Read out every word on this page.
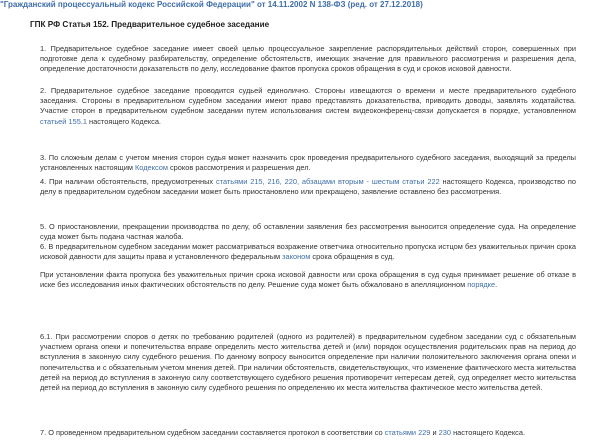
"Гражданский процессуальный кодекс Российской Федерации" от 14.11.2002 N 138-ФЗ (ред. от 27.12.2018)
ГПК РФ Статья 152. Предварительное судебное заседание
1. Предварительное судебное заседание имеет своей целью процессуальное закрепление распорядительных действий сторон, совершенных при подготовке дела к судебному разбирательству, определение обстоятельств, имеющих значение для правильного рассмотрения и разрешения дела, определение достаточности доказательств по делу, исследование фактов пропуска сроков обращения в суд и сроков исковой давности.
2. Предварительное судебное заседание проводится судьей единолично. Стороны извещаются о времени и месте предварительного судебного заседания. Стороны в предварительном судебном заседании имеют право представлять доказательства, приводить доводы, заявлять ходатайства. Участие сторон в предварительном судебном заседании путем использования систем видеоконференц-связи допускается в порядке, установленном статьей 155.1 настоящего Кодекса.
3. По сложным делам с учетом мнения сторон судья может назначить срок проведения предварительного судебного заседания, выходящий за пределы установленных настоящим Кодексом сроков рассмотрения и разрешения дел.
4. При наличии обстоятельств, предусмотренных статьями 215, 216, 220, абзацами вторым - шестым статьи 222 настоящего Кодекса, производство по делу в предварительном судебном заседании может быть приостановлено или прекращено, заявление оставлено без рассмотрения.
5. О приостановлении, прекращении производства по делу, об оставлении заявления без рассмотрения выносится определение суда. На определение суда может быть подана частная жалоба.
6. В предварительном судебном заседании может рассматриваться возражение ответчика относительно пропуска истцом без уважительных причин срока исковой давности для защиты права и установленного федеральным законом срока обращения в суд.
При установлении факта пропуска без уважительных причин срока исковой давности или срока обращения в суд судья принимает решение об отказе в иске без исследования иных фактических обстоятельств по делу. Решение суда может быть обжаловано в апелляционном порядке.
6.1. При рассмотрении споров о детях по требованию родителей (одного из родителей) в предварительном судебном заседании суд с обязательным участием органа опеки и попечительства вправе определить место жительства детей и (или) порядок осуществления родительских прав на период до вступления в законную силу судебного решения. По данному вопросу выносится определение при наличии положительного заключения органа опеки и попечительства и с обязательным учетом мнения детей. При наличии обстоятельств, свидетельствующих, что изменение фактического места жительства детей на период до вступления в законную силу соответствующего судебного решения противоречит интересам детей, суд определяет место жительства детей на период до вступления в законную силу судебного решения по определению их места жительства фактическое место жительства детей.
7. О проведенном предварительном судебном заседании составляется протокол в соответствии со статьями 229 и 230 настоящего Кодекса.
